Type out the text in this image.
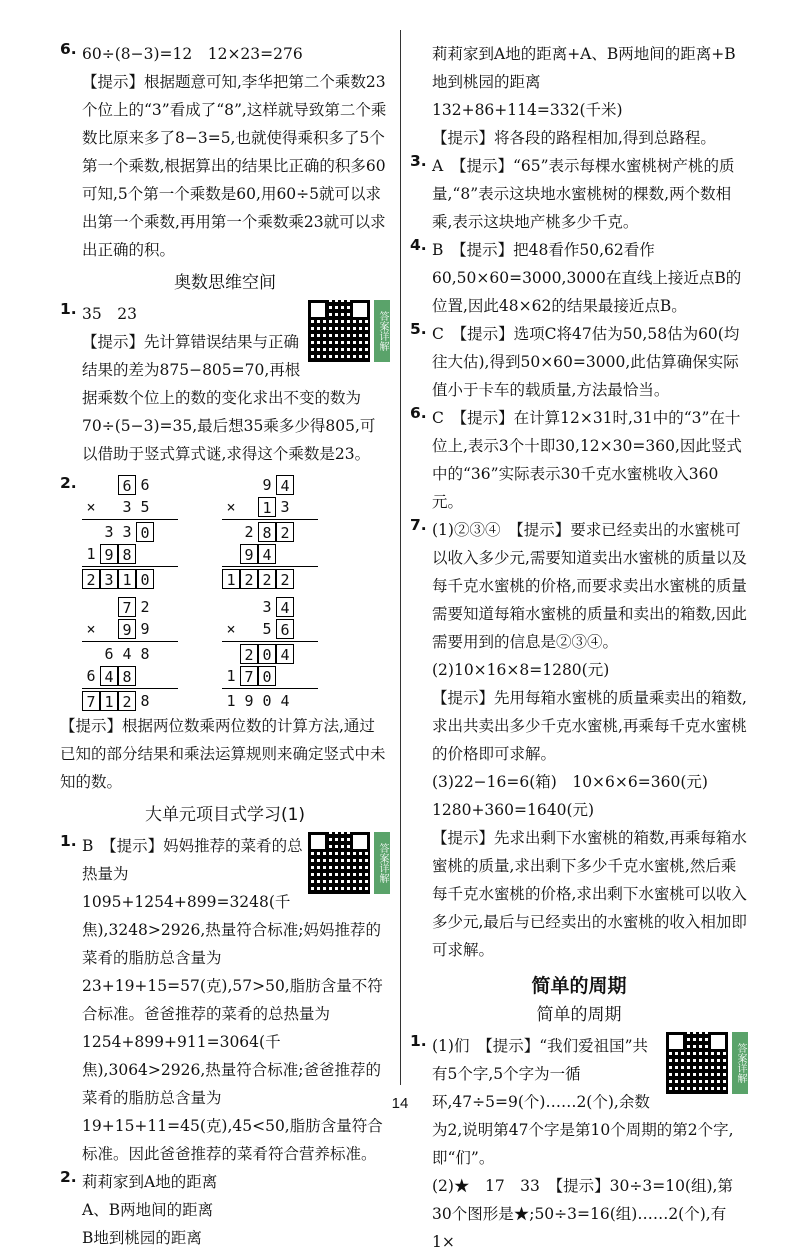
6. 60÷(8−3)=12　12×23=276

【提示】根据题意可知,李华把第二个乘数23个位上的“3”看成了“8”,这样就导致第二个乘数比原来多了8−3=5,也就使得乘积多了5个第一个乘数,根据算出的结果比正确的积多60可知,5个第一个乘数是60,用60÷5就可以求出第一个乘数,再用第一个乘数乘23就可以求出正确的积。

奥数思维空间
答案详解
1. 35　23

【提示】先计算错误结果与正确结果的差为875−805=70,再根据乘数个位上的数的变化求出不变的数为70÷(5−3)=35,最后想35乘多少得805,可以借助于竖式算式谜,求得这个乘数是23。

2.	6 6
× 3 5
3 3 0
1 9 8
2 3 1 0
9 4
× 1 3
2 8 2
9 4
1 2 2 2
7 2
× 9 9
6 4 8
6 4 8
7 1 2 8
3 4
× 5 6
2 0 4
1 7 0
1 9 0 4

【提示】根据两位数乘两位数的计算方法,通过已知的部分结果和乘法运算规则来确定竖式中未知的数。

大单元项目式学习(1)
答案详解
1. B　 【提示】妈妈推荐的菜肴的总热量为1095+1254+899=3248(千焦),3248>2926,热量符合标准;妈妈推荐的菜肴的脂肪总含量为23+19+15=57(克),57>50,脂肪含量不符合标准。爸爸推荐的菜肴的总热量为1254+899+911=3064(千焦),3064>2926,热量符合标准;爸爸推荐的菜肴的脂肪总含量为19+15+11=45(克),45<50,脂肪含量符合标准。因此爸爸推荐的菜肴符合营养标准。

2. 莉莉家到A地的距离

A、B两地间的距离

B地到桃园的距离

莉莉家到A地的距离+A、B两地间的距离+B地到桃园的距离

132+86+114=332(千米)

【提示】将各段的路程相加,得到总路程。

3. A　【提示】“65”表示每棵水蜜桃树产桃的质量,“8”表示这块地水蜜桃树的棵数,两个数相乘,表示这块地产桃多少千克。

4. B　【提示】把48看作50,62看作60,50×60=3000,3000在直线上接近点B的位置,因此48×62的结果最接近点B。

5. C　【提示】选项C将47估为50,58估为60(均往大估),得到50×60=3000,此估算确保实际值小于卡车的载质量,方法最恰当。

6. C　【提示】在计算12×31时,31中的“3”在十位上,表示3个十即30,12×30=360,因此竖式中的“36”实际表示30千克水蜜桃收入360元。

7. (1)②③④　【提示】要求已经卖出的水蜜桃可以收入多少元,需要知道卖出水蜜桃的质量以及每千克水蜜桃的价格,而要求卖出水蜜桃的质量需要知道每箱水蜜桃的质量和卖出的箱数,因此需要用到的信息是②③④。

(2)10×16×8=1280(元)

【提示】先用每箱水蜜桃的质量乘卖出的箱数,求出共卖出多少千克水蜜桃,再乘每千克水蜜桃的价格即可求解。

(3)22−16=6(箱)　10×6×6=360(元)

1280+360=1640(元)

【提示】先求出剩下水蜜桃的箱数,再乘每箱水蜜桃的质量,求出剩下多少千克水蜜桃,然后乘每千克水蜜桃的价格,求出剩下水蜜桃可以收入多少元,最后与已经卖出的水蜜桃的收入相加即可求解。

简单的周期
简单的周期
答案详解
1. (1)们　【提示】“我们爱祖国”共有5个字,5个字为一循环,47÷5=9(个)……2(个),余数为2,说明第47个字是第10个周期的第2个字,即“们”。

(2)★　17　33　【提示】30÷3=10(组),第30个图形是★;50÷3=16(组)……2(个),有1×

14
